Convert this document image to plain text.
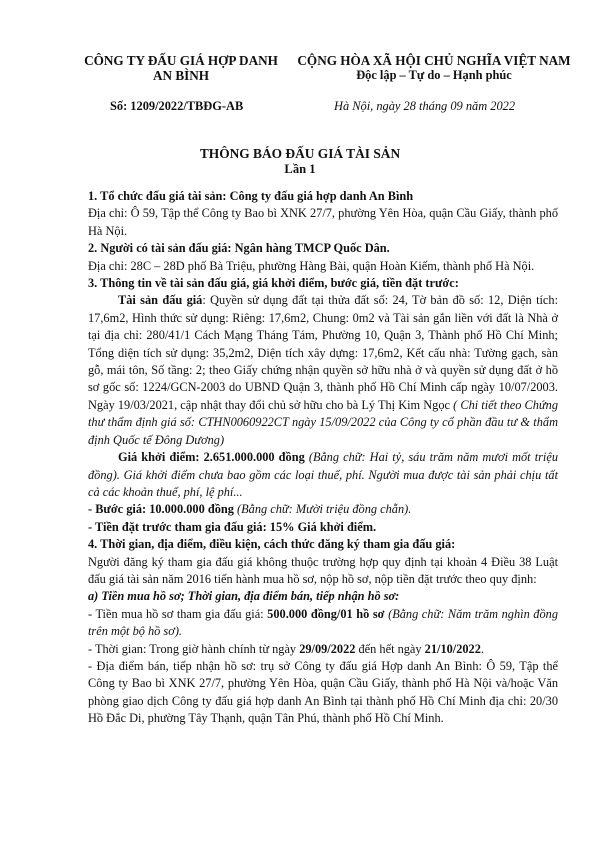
CÔNG TY ĐẤU GIÁ HỢP DANH
AN BÌNH
CỘNG HÒA XÃ HỘI CHỦ NGHĨA VIỆT NAM
Độc lập – Tự do – Hạnh phúc
Số: 1209/2022/TBĐG-AB	Hà Nội, ngày 28 tháng 09 năm 2022
THÔNG BÁO ĐẤU GIÁ TÀI SẢN
Lần 1

1. Tổ chức đấu giá tài sản: Công ty đấu giá hợp danh An Bình

Địa chỉ: Ô 59, Tập thể Công ty Bao bì XNK 27/7, phường Yên Hòa, quận Cầu Giấy, thành phố Hà Nội.

2. Người có tài sản đấu giá: Ngân hàng TMCP Quốc Dân.

Địa chỉ: 28C – 28D phố Bà Triệu, phường Hàng Bài, quận Hoàn Kiếm, thành phố Hà Nội.

3. Thông tin về tài sản đấu giá, giá khởi điểm, bước giá, tiền đặt trước:

Tài sản đấu giá: Quyền sử dụng đất tại thửa đất số: 24, Tờ bản đồ số: 12, Diện tích: 17,6m2, Hình thức sử dụng: Riêng: 17,6m2, Chung: 0m2 và Tài sản gắn liền với đất là Nhà ở tại địa chỉ: 280/41/1 Cách Mạng Tháng Tám, Phường 10, Quận 3, Thành phố Hồ Chí Minh; Tổng diện tích sử dụng: 35,2m2, Diện tích xây dựng: 17,6m2, Kết cấu nhà: Tường gạch, sàn gỗ, mái tôn, Số tầng: 2; theo Giấy chứng nhận quyền sở hữu nhà ở và quyền sử dụng đất ở hồ sơ gốc số: 1224/GCN-2003 do UBND Quận 3, thành phố Hồ Chí Minh cấp ngày 10/07/2003. Ngày 19/03/2021, cập nhật thay đổi chủ sở hữu cho bà Lý Thị Kim Ngọc ( Chi tiết theo Chứng thư thẩm định giá số: CTHN0060922CT ngày 15/09/2022 của Công ty cổ phần đầu tư & thẩm định Quốc tế Đông Dương)

Giá khởi điểm: 2.651.000.000 đồng (Bằng chữ: Hai tỷ, sáu trăm năm mươi mốt triệu đồng). Giá khởi điểm chưa bao gồm các loại thuế, phí. Người mua được tài sản phải chịu tất cả các khoản thuế, phí, lệ phí...

- Bước giá: 10.000.000 đồng (Bằng chữ: Mười triệu đồng chẵn).

- Tiền đặt trước tham gia đấu giá: 15% Giá khởi điểm.

4. Thời gian, địa điểm, điều kiện, cách thức đăng ký tham gia đấu giá:

Người đăng ký tham gia đấu giá không thuộc trường hợp quy định tại khoản 4 Điều 38 Luật đấu giá tài sản năm 2016 tiến hành mua hồ sơ, nộp hồ sơ, nộp tiền đặt trước theo quy định:

a) Tiền mua hồ sơ; Thời gian, địa điểm bán, tiếp nhận hồ sơ:

- Tiền mua hồ sơ tham gia đấu giá: 500.000 đồng/01 hồ sơ (Bằng chữ: Năm trăm nghìn đồng trên một bộ hồ sơ).

- Thời gian: Trong giờ hành chính từ ngày 29/09/2022 đến hết ngày 21/10/2022.

- Địa điểm bán, tiếp nhận hồ sơ: trụ sở Công ty đấu giá Hợp danh An Bình: Ô 59, Tập thể Công ty Bao bì XNK 27/7, phường Yên Hòa, quận Cầu Giấy, thành phố Hà Nội và/hoặc Văn phòng giao dịch Công ty đấu giá hợp danh An Bình tại thành phố Hồ Chí Minh địa chỉ: 20/30 Hồ Đắc Di, phường Tây Thạnh, quận Tân Phú, thành phố Hồ Chí Minh.
